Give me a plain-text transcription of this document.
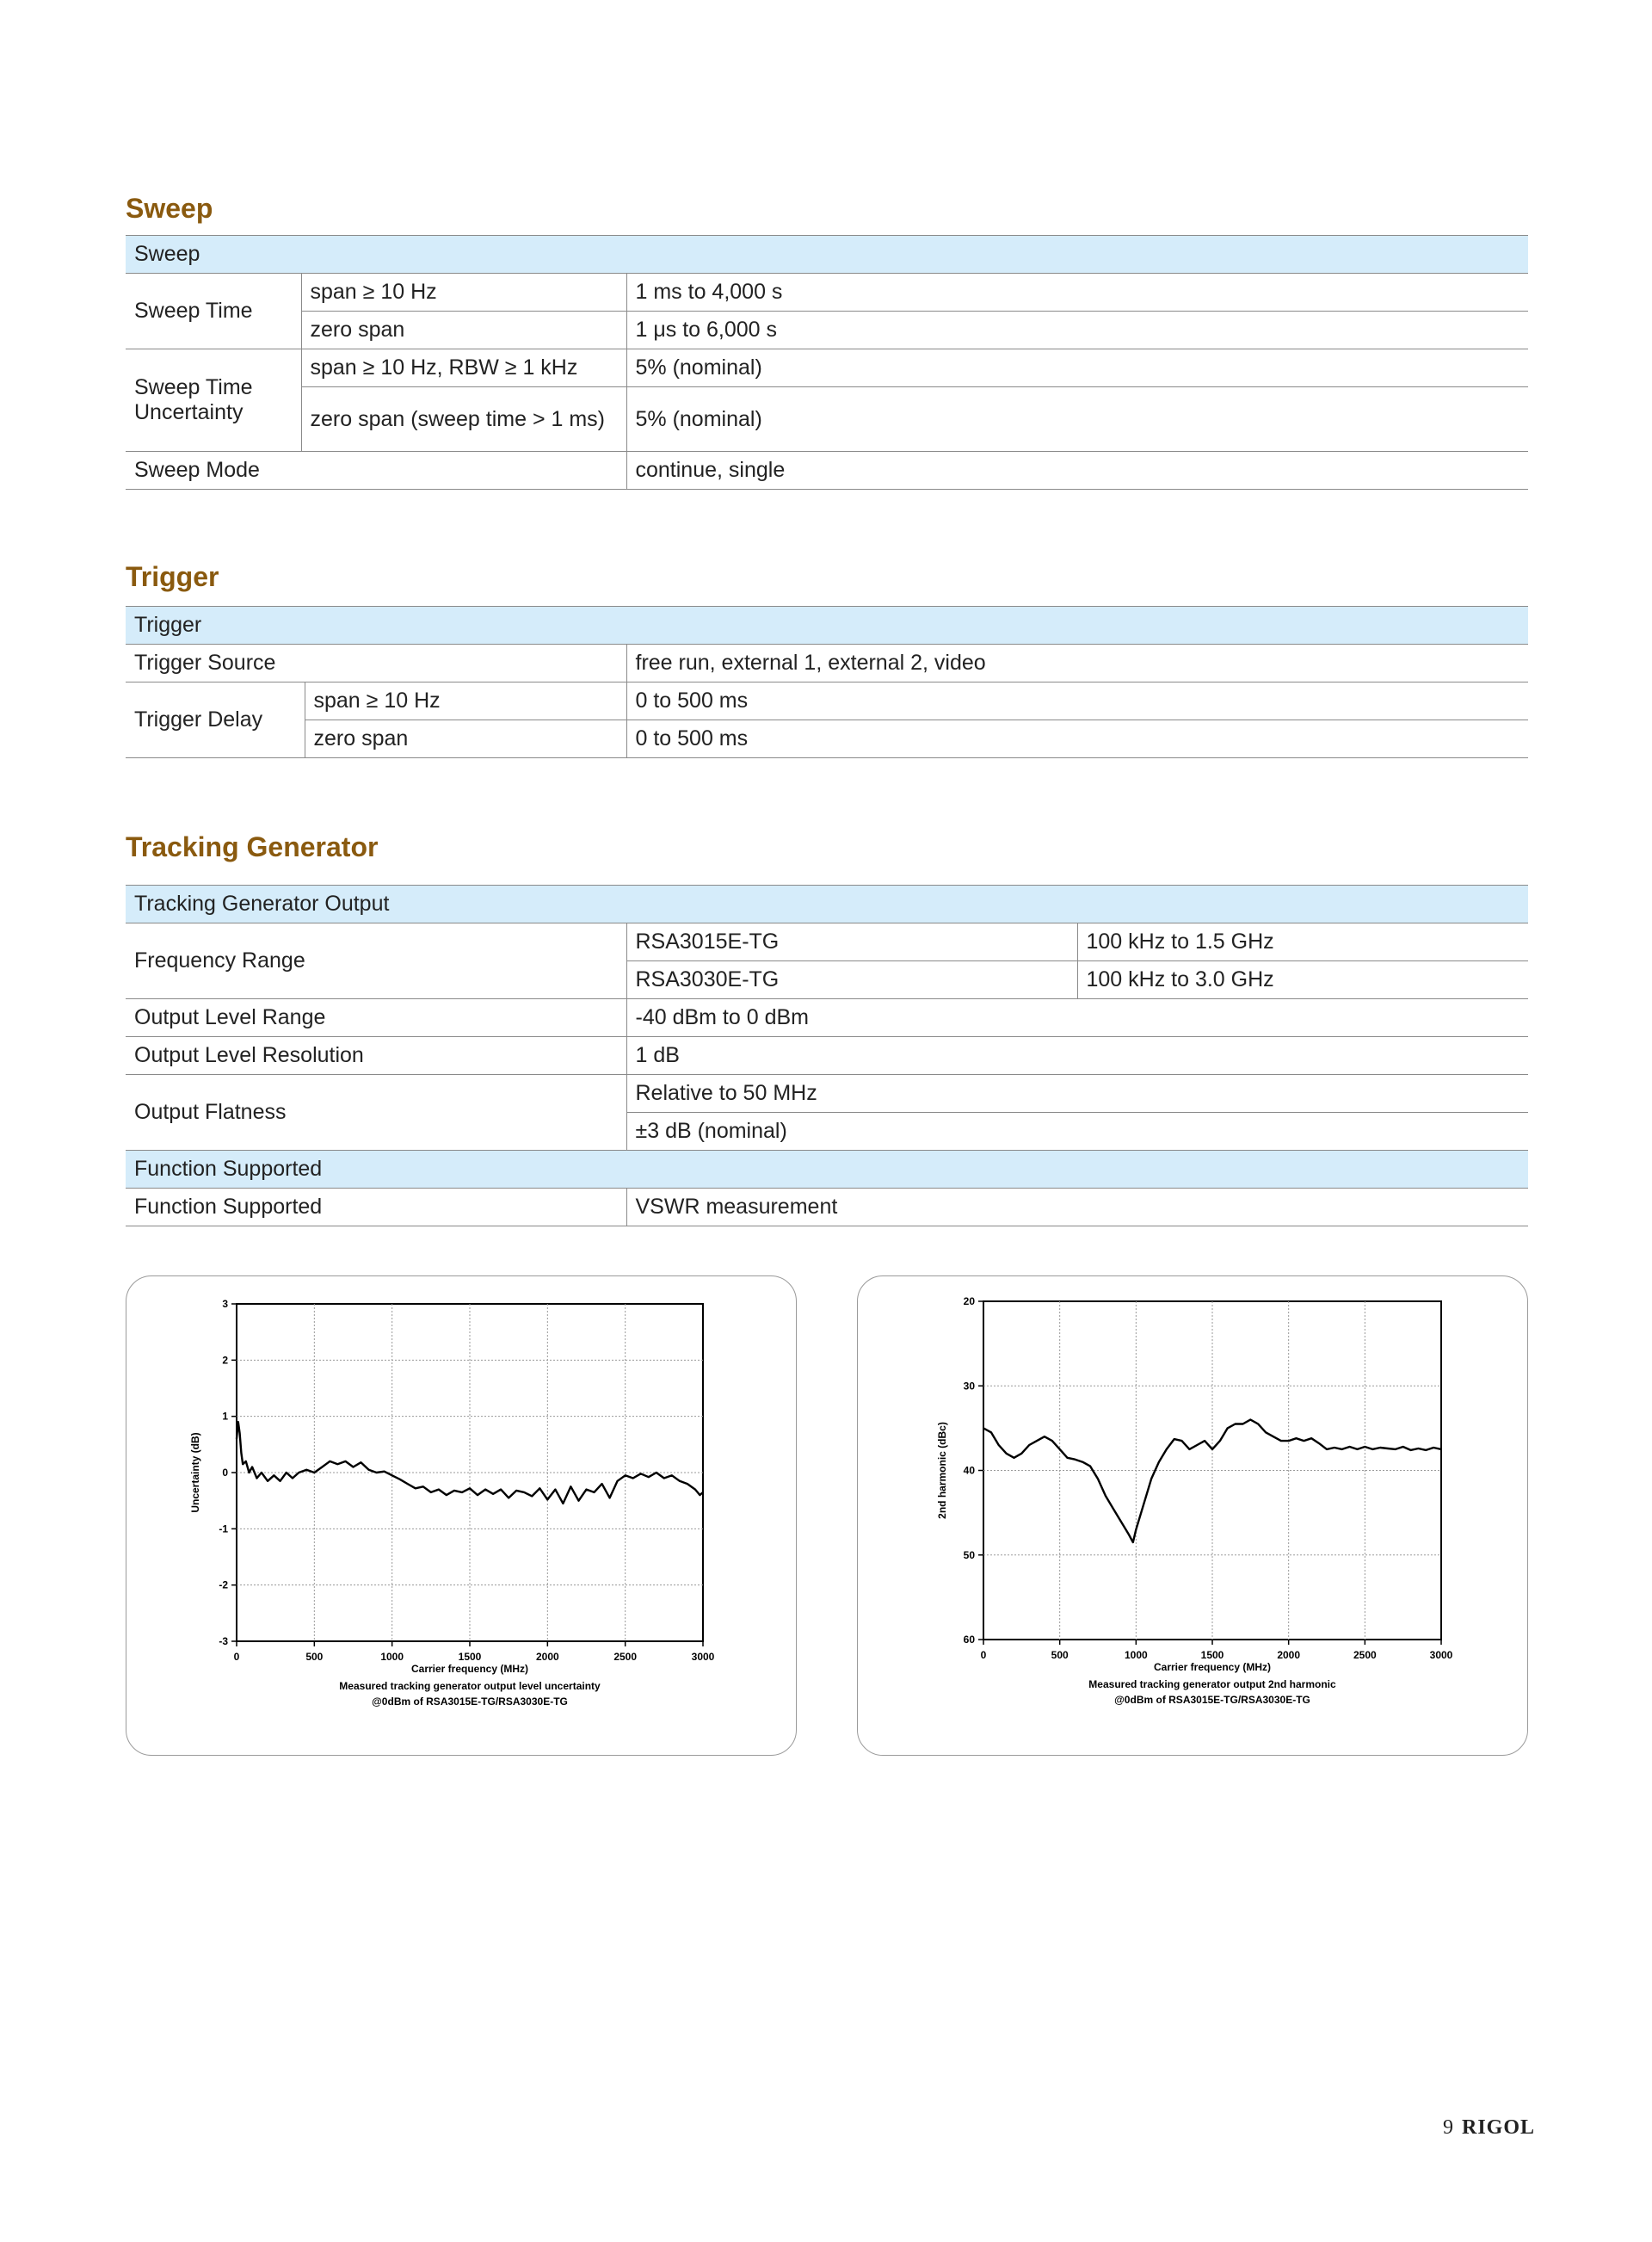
Sweep
Sweep		
Sweep Time	span ≥ 10 Hz	1 ms to 4,000 s
	zero span	1 μs to 6,000 s
Sweep Time Uncertainty	span ≥ 10 Hz, RBW ≥ 1 kHz	5% (nominal)
	zero span (sweep time > 1 ms)	5% (nominal)
Sweep Mode		continue, single
Trigger
Trigger		
Trigger Source		free run, external 1, external 2, video
Trigger Delay	span ≥ 10 Hz	0 to 500 ms
	zero span	0 to 500 ms
Tracking Generator
Tracking Generator Output		
Frequency Range	RSA3015E-TG	100 kHz to 1.5 GHz
	RSA3030E-TG	100 kHz to 3.0 GHz
Output Level Range	-40 dBm to 0 dBm	
Output Level Resolution	1 dB	
Output Flatness	Relative to 50 MHz	
	±3 dB (nominal)	
Function Supported		
Function Supported	VSWR measurement	
0	500	1000	1500	2000	2500	3000
-3
-2
-1
0
1
2
3
Carrier frequency (MHz)
Uncertainty (dB)
Measured tracking generator output level uncertainty
@0dBm of RSA3015E-TG/RSA3030E-TG
0	500	1000	1500	2000	2500	3000
20
30
40
50
60
Carrier frequency (MHz)
2nd harmonic (dBc)
Measured tracking generator output 2nd harmonic
@0dBm of RSA3015E-TG/RSA3030E-TG
9 RIGOL
